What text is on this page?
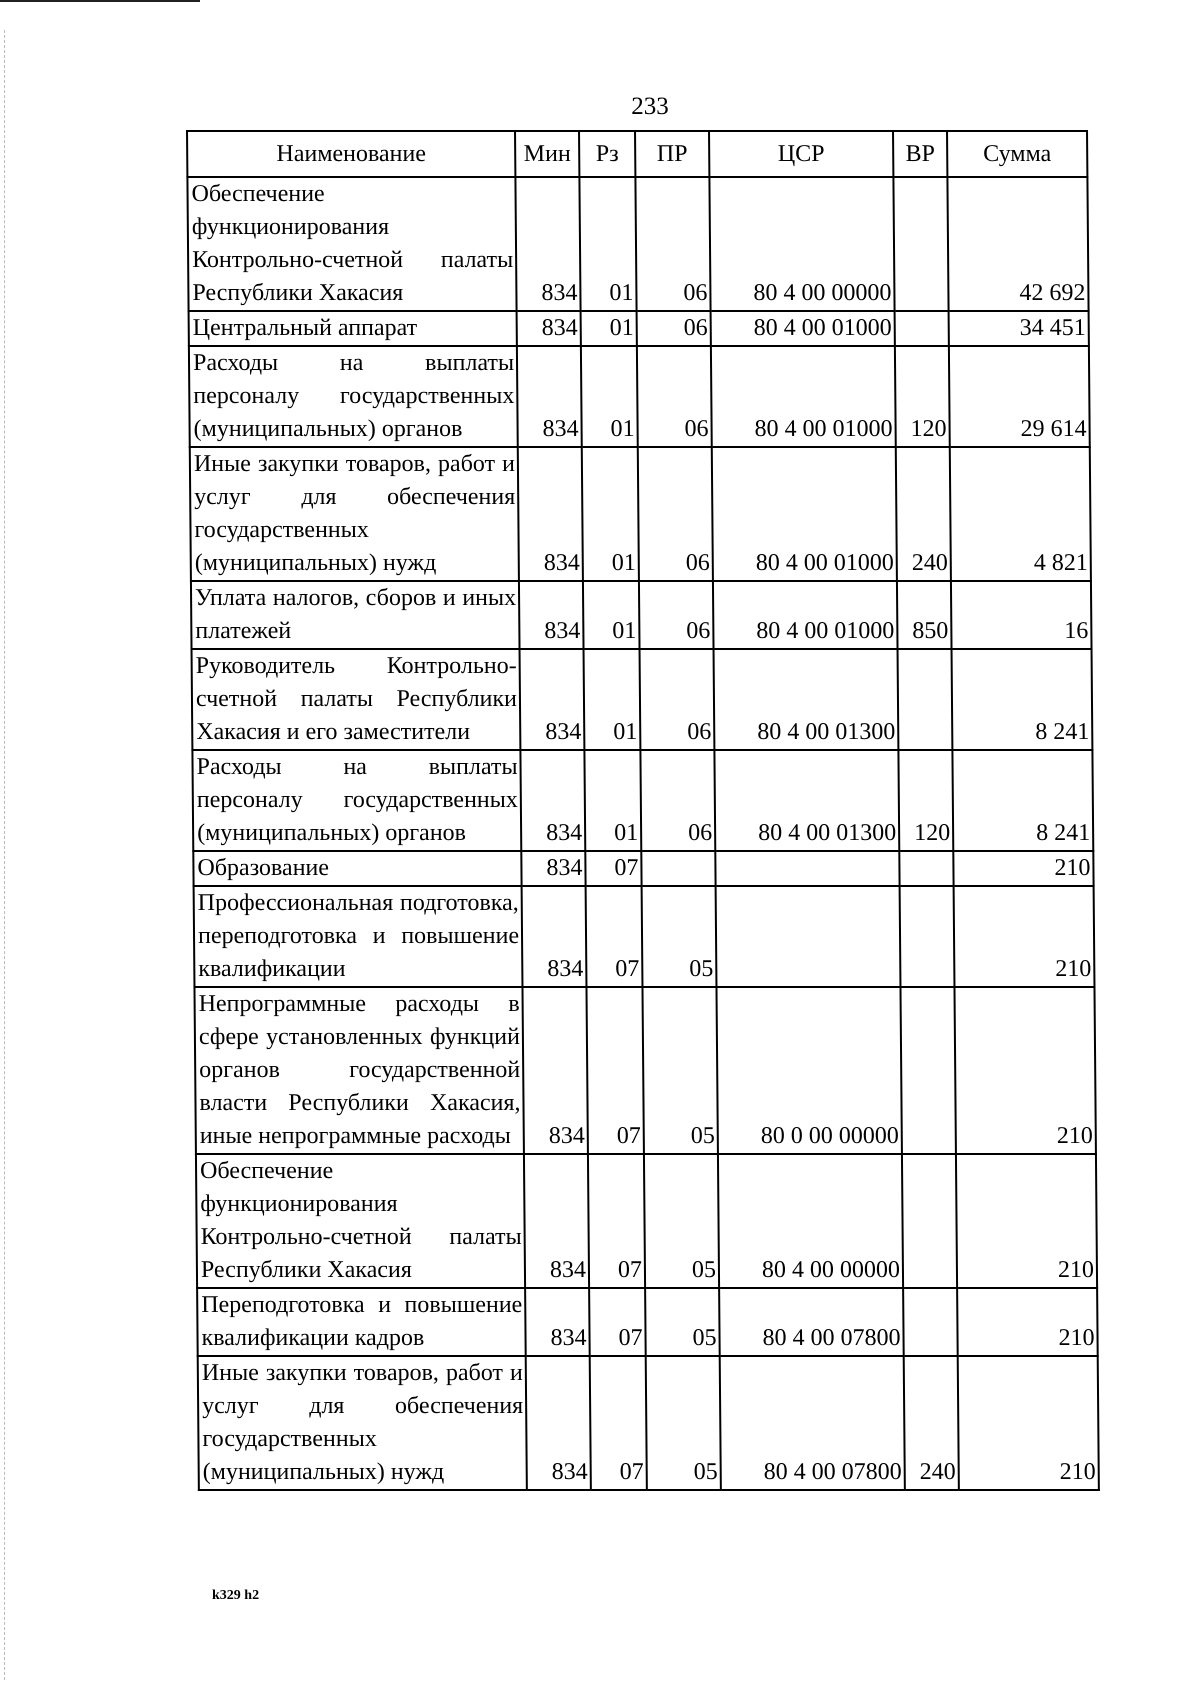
233
Наименование	Мин	Рз	ПР	ЦСР	ВР	Сумма
Обеспечение функционирования Контрольно-счетной палаты Республики Хакасия	834	01	06	80 4 00 00000		42 692
Центральный аппарат	834	01	06	80 4 00 01000		34 451
Расходы на выплаты персоналу государственных (муниципальных) органов	834	01	06	80 4 00 01000	120	29 614
Иные закупки товаров, работ и услуг для обеспечения государственных (муниципальных) нужд	834	01	06	80 4 00 01000	240	4 821
Уплата налогов, сборов и иных платежей	834	01	06	80 4 00 01000	850	16
Руководитель Контрольно-счетной палаты Республики Хакасия и его заместители	834	01	06	80 4 00 01300		8 241
Расходы на выплаты персоналу государственных (муниципальных) органов	834	01	06	80 4 00 01300	120	8 241
Образование	834	07				210
Профессиональная подготовка, переподготовка и повышение квалификации	834	07	05			210
Непрограммные расходы в сфере установленных функций органов государственной власти Республики Хакасия, иные непрограммные расходы	834	07	05	80 0 00 00000		210
Обеспечение функционирования Контрольно-счетной палаты Республики Хакасия	834	07	05	80 4 00 00000		210
Переподготовка и повышение квалификации кадров	834	07	05	80 4 00 07800		210
Иные закупки товаров, работ и услуг для обеспечения государственных (муниципальных) нужд	834	07	05	80 4 00 07800	240	210
k329 h2
